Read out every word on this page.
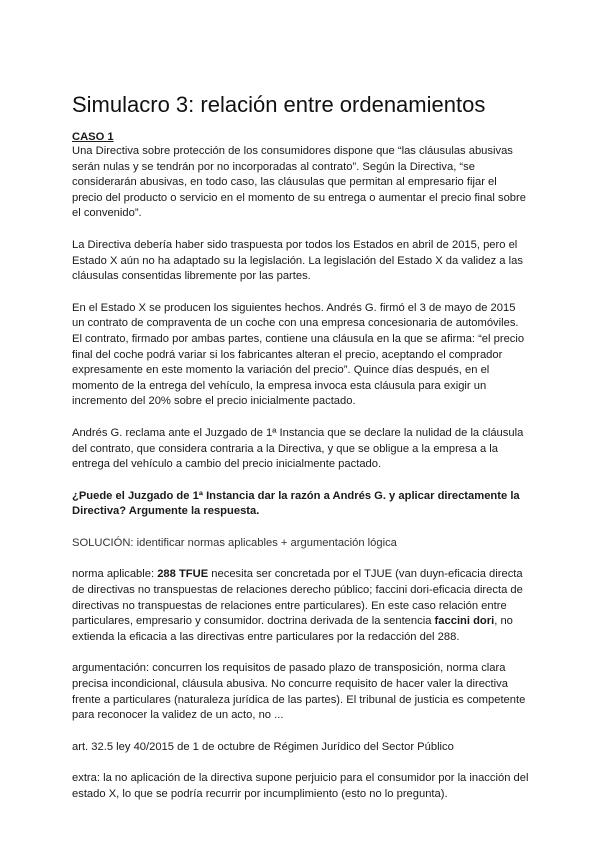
Simulacro 3: relación entre ordenamientos
CASO 1

Una Directiva sobre protección de los consumidores dispone que “las cláusulas abusivas serán nulas y se tendrán por no incorporadas al contrato”. Según la Directiva, “se considerarán abusivas, en todo caso, las cláusulas que permitan al empresario fijar el precio del producto o servicio en el momento de su entrega o aumentar el precio final sobre el convenido”.

La Directiva debería haber sido traspuesta por todos los Estados en abril de 2015, pero el Estado X aún no ha adaptado su la legislación. La legislación del Estado X da validez a las cláusulas consentidas libremente por las partes.

En el Estado X se producen los siguientes hechos. Andrés G. firmó el 3 de mayo de 2015 un contrato de compraventa de un coche con una empresa concesionaria de automóviles. El contrato, firmado por ambas partes, contiene una cláusula en la que se afirma: “el precio final del coche podrá variar si los fabricantes alteran el precio, aceptando el comprador expresamente en este momento la variación del precio”. Quince días después, en el momento de la entrega del vehículo, la empresa invoca esta cláusula para exigir un incremento del 20% sobre el precio inicialmente pactado.

Andrés G. reclama ante el Juzgado de 1ª Instancia que se declare la nulidad de la cláusula del contrato, que considera contraria a la Directiva, y que se obligue a la empresa a la entrega del vehículo a cambio del precio inicialmente pactado.

¿Puede el Juzgado de 1ª Instancia dar la razón a Andrés G. y aplicar directamente la Directiva? Argumente la respuesta.

SOLUCIÓN: identificar normas aplicables + argumentación lógica

norma aplicable: 288 TFUE necesita ser concretada por el TJUE (van duyn-eficacia directa de directivas no transpuestas de relaciones derecho público; faccini dori-eficacia directa de directivas no transpuestas de relaciones entre particulares). En este caso relación entre particulares, empresario y consumidor. doctrina derivada de la sentencia faccini dori, no extienda la eficacia a las directivas entre particulares por la redacción del 288.

argumentación: concurren los requisitos de pasado plazo de transposición, norma clara precisa incondicional, cláusula abusiva. No concurre requisito de hacer valer la directiva frente a particulares (naturaleza jurídica de las partes). El tribunal de justicia es competente para reconocer la validez de un acto, no ...

art. 32.5 ley 40/2015 de 1 de octubre de Régimen Jurídico del Sector Público

extra: la no aplicación de la directiva supone perjuicio para el consumidor por la inacción del estado X, lo que se podría recurrir por incumplimiento (esto no lo pregunta).
